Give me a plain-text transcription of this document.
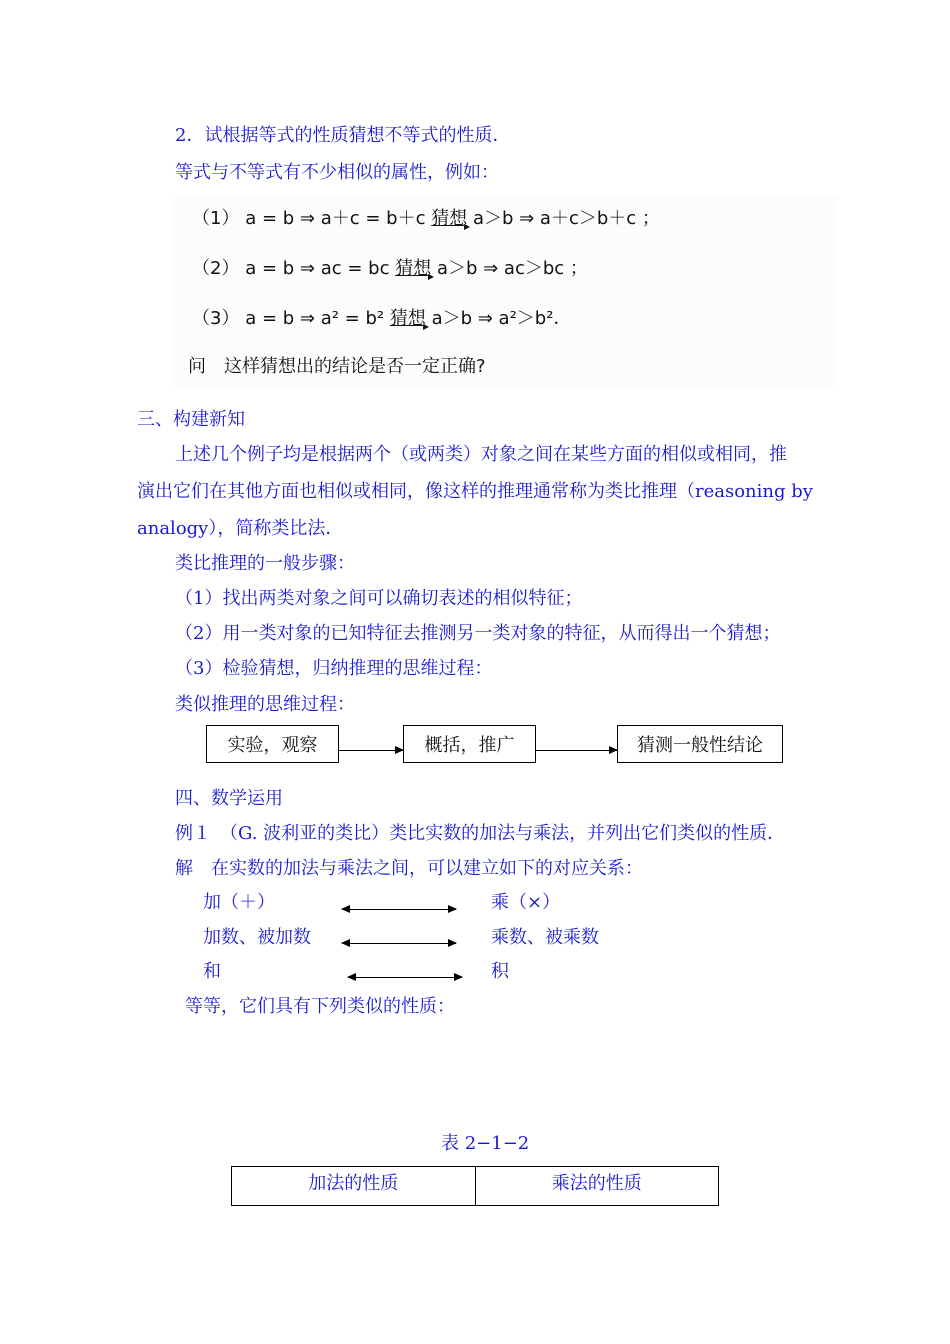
2．试根据等式的性质猜想不等式的性质．
等式与不等式有不少相似的属性，例如：
（1） a = b ⇒ a＋c = b＋c 猜想 a＞b ⇒ a＋c＞b＋c ；
（2） a = b ⇒ ac = bc 猜想 a＞b ⇒ ac＞bc ；
（3） a = b ⇒ a² = b² 猜想 a＞b ⇒ a²＞b²．
问　这样猜想出的结论是否一定正确?
三、构建新知
上述几个例子均是根据两个（或两类）对象之间在某些方面的相似或相同，推
演出它们在其他方面也相似或相同，像这样的推理通常称为类比推理（reasoning by
analogy），简称类比法．
类比推理的一般步骤：
（1）找出两类对象之间可以确切表述的相似特征；
（2）用一类对象的已知特征去推测另一类对象的特征，从而得出一个猜想；
（3）检验猜想，归纳推理的思维过程：
类似推理的思维过程：
实验，观察	概括，推广	猜测一般性结论
四、数学运用
例１　（G. 波利亚的类比）类比实数的加法与乘法，并列出它们类似的性质．
解　在实数的加法与乘法之间，可以建立如下的对应关系：
加（＋）	乘（×）
加数、被加数	乘数、被乘数
和	积
等等，它们具有下列类似的性质：
表 2−1−2
加法的性质	乘法的性质
